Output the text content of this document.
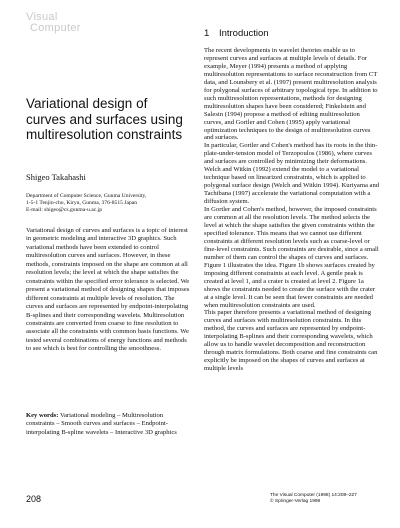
Visual
Computer
Variational design of curves and surfaces using multiresolution constraints
Shigeo Takahashi
Department of Computer Science, Gunma University,
1-5-1 Tenjin-cho, Kiryu, Gunma, 376-8515 Japan
E-mail: shigeo@cs.gunma-u.ac.jp
Variational design of curves and surfaces is a topic of interest in geometric modeling and interactive 3D graphics. Such variational methods have been extended to control multiresolution curves and surfaces. However, in these methods, constraints imposed on the shape are common at all resolution levels; the level at which the shape satisfies the constraints within the specified error tolerance is selected. We present a variational method of designing shapes that imposes different constraints at multiple levels of resolution. The curves and surfaces are represented by endpoint-interpolating B-splines and their corresponding wavelets. Multiresolution constraints are converted from coarse to fine resolution to associate all the constraints with common basis functions. We tested several combinations of energy functions and methods to see which is best for controlling the smoothness.
Key words: Variational modeling – Multiresolution constraints – Smooth curves and surfaces – Endpoint-interpolating B-spline wavelets – Interactive 3D graphics
208
1 Introduction

The recent developments in wavelet theories enable us to represent curves and surfaces at multiple levels of details. For example, Meyer (1994) presents a method of applying multiresolution representations to surface reconstruction from CT data, and Lounsbery et al. (1997) present multiresolution analysis for polygonal surfaces of arbitrary topological type. In addition to such multiresolution representations, methods for designing multiresolution shapes have been considered; Finkelstein and Salesin (1994) propose a method of editing multiresolution curves, and Gortler and Cohen (1995) apply variational optimization techniques to the design of multiresolution curves and surfaces.

In particular, Gortler and Cohen's method has its roots in the thin-plate-under-tension model of Terzopoulos (1986), where curves and surfaces are controlled by minimizing their deformations. Welch and Witkin (1992) extend the model to a variational technique based on linearized constraints, which is applied to polygonal surface design (Welch and Witkin 1994). Kuriyama and Tachibana (1997) accelerate the variational computation with a diffusion system.

In Gortler and Cohen's method, however, the imposed constraints are common at all the resolution levels. The method selects the level at which the shape satisfies the given constraints within the specified tolerance. This means that we cannot use different constraints at different resolution levels such as coarse-level or fine-level constraints. Such constraints are desirable, since a small number of them can control the shapes of curves and surfaces. Figure 1 illustrates the idea. Figure 1b shows surfaces created by imposing different constraints at each level. A gentle peak is created at level 1, and a crater is created at level 2. Figure 1a shows the constraints needed to create the surface with the crater at a single level. It can be seen that fewer constraints are needed when multiresolution constraints are used.

This paper therefore presents a variational method of designing curves and surfaces with multiresolution constraints. In this method, the curves and surfaces are represented by endpoint-interpolating B-splines and their corresponding wavelets, which allow us to handle wavelet decomposition and reconstruction through matrix formulations. Both coarse and fine constraints can explicitly be imposed on the shapes of curves and surfaces at multiple levels

The Visual Computer (1998) 14:208–227
© Springer-Verlag 1998
